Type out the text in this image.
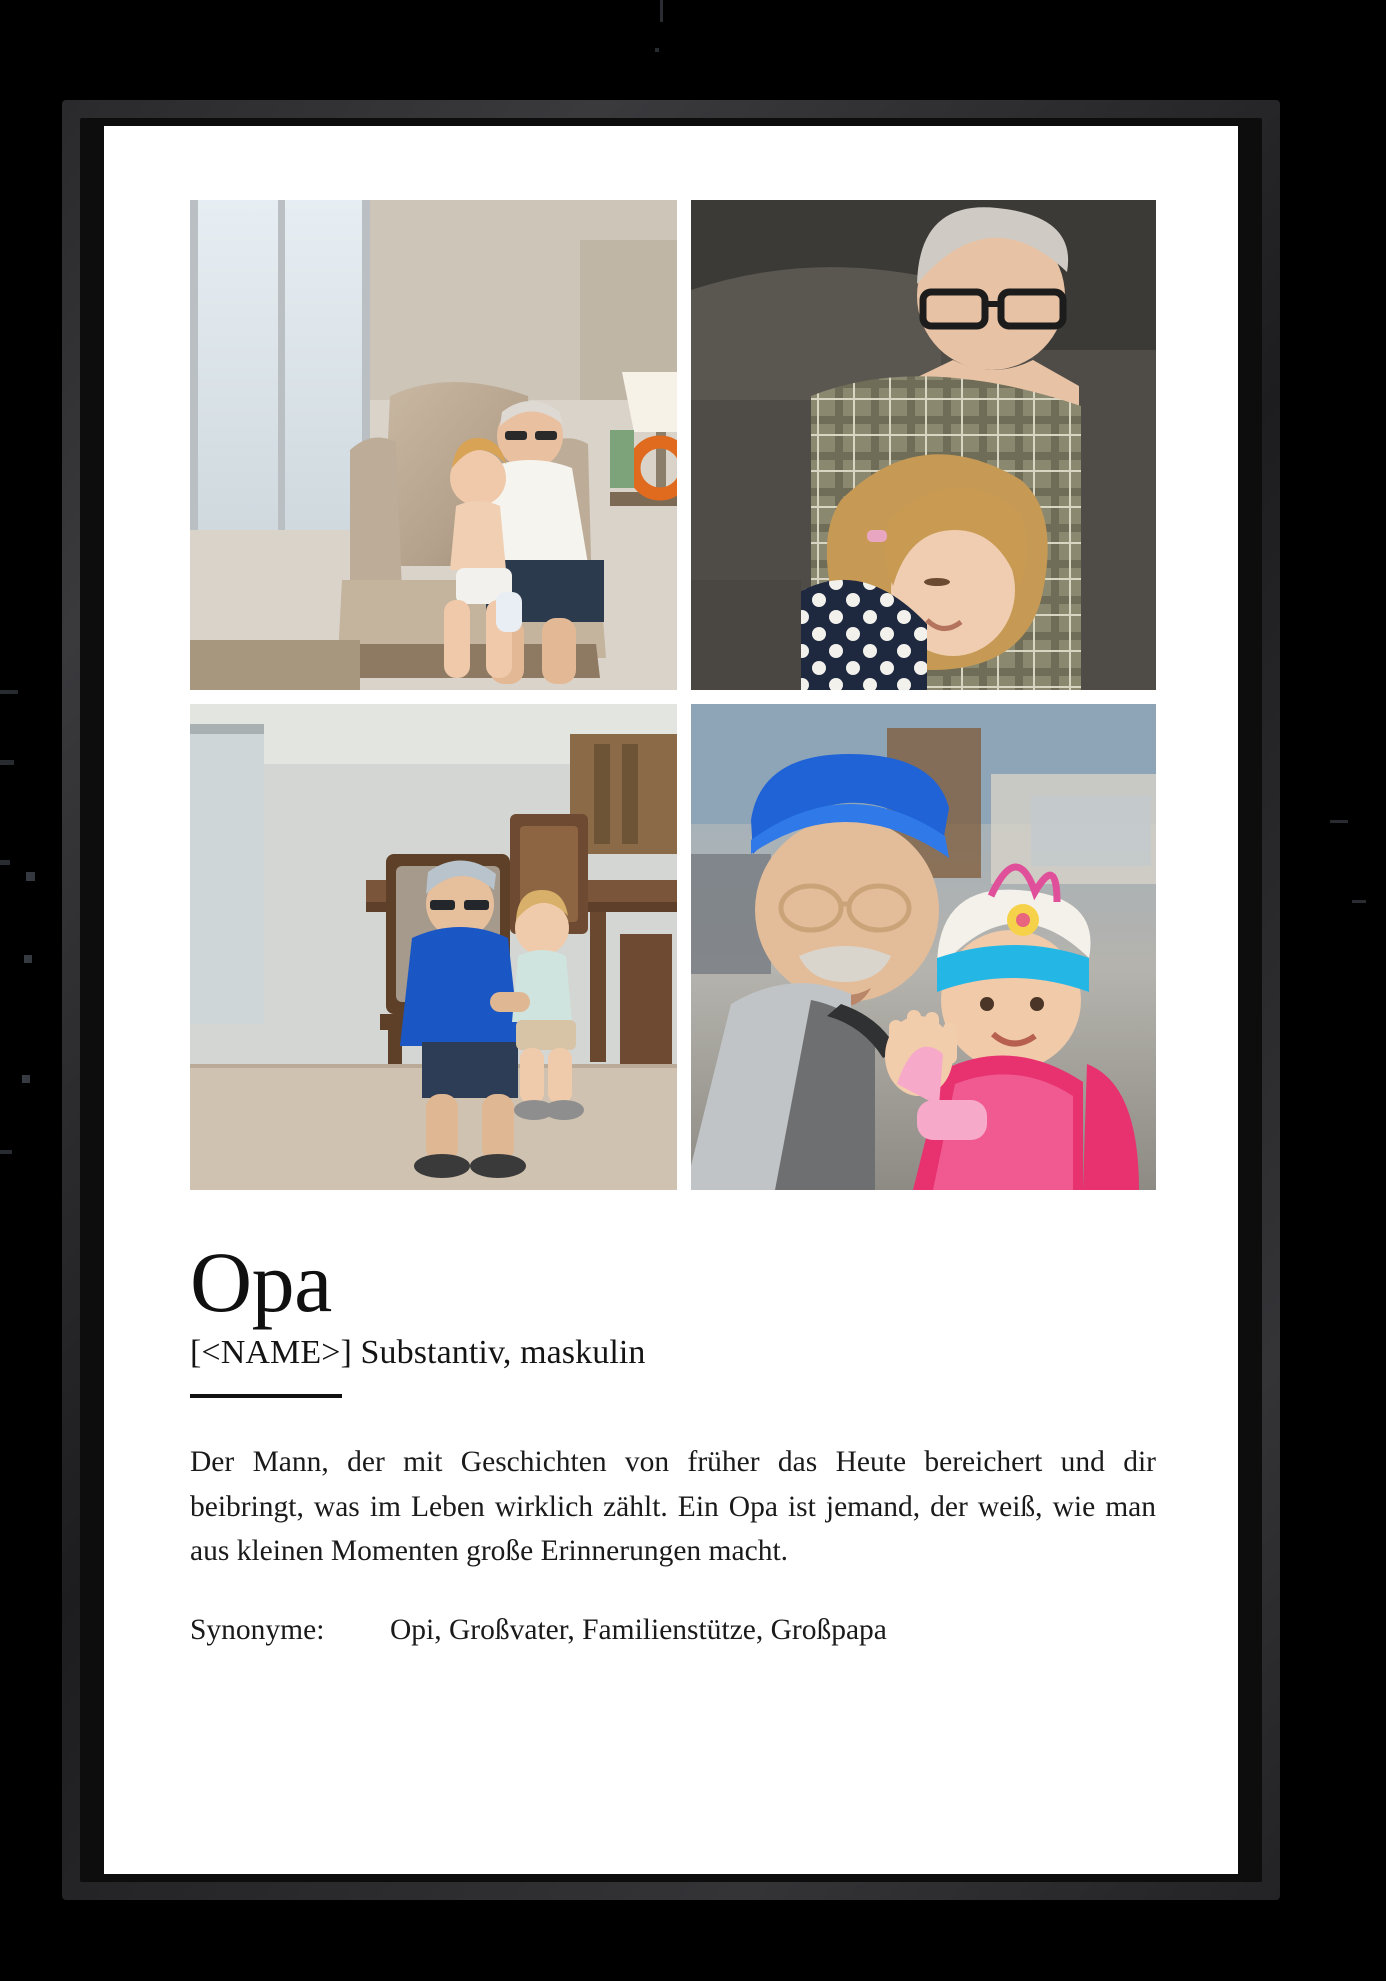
Opa
[<NAME>] Substantiv, maskulin
Der Mann, der mit Geschichten von früher das Heute bereichert und dir beibringt, was im Leben wirklich zählt. Ein Opa ist jemand, der weiß, wie man aus kleinen Momenten große Erinnerungen macht.
Synonyme:	Opi, Großvater, Familienstütze, Großpapa
